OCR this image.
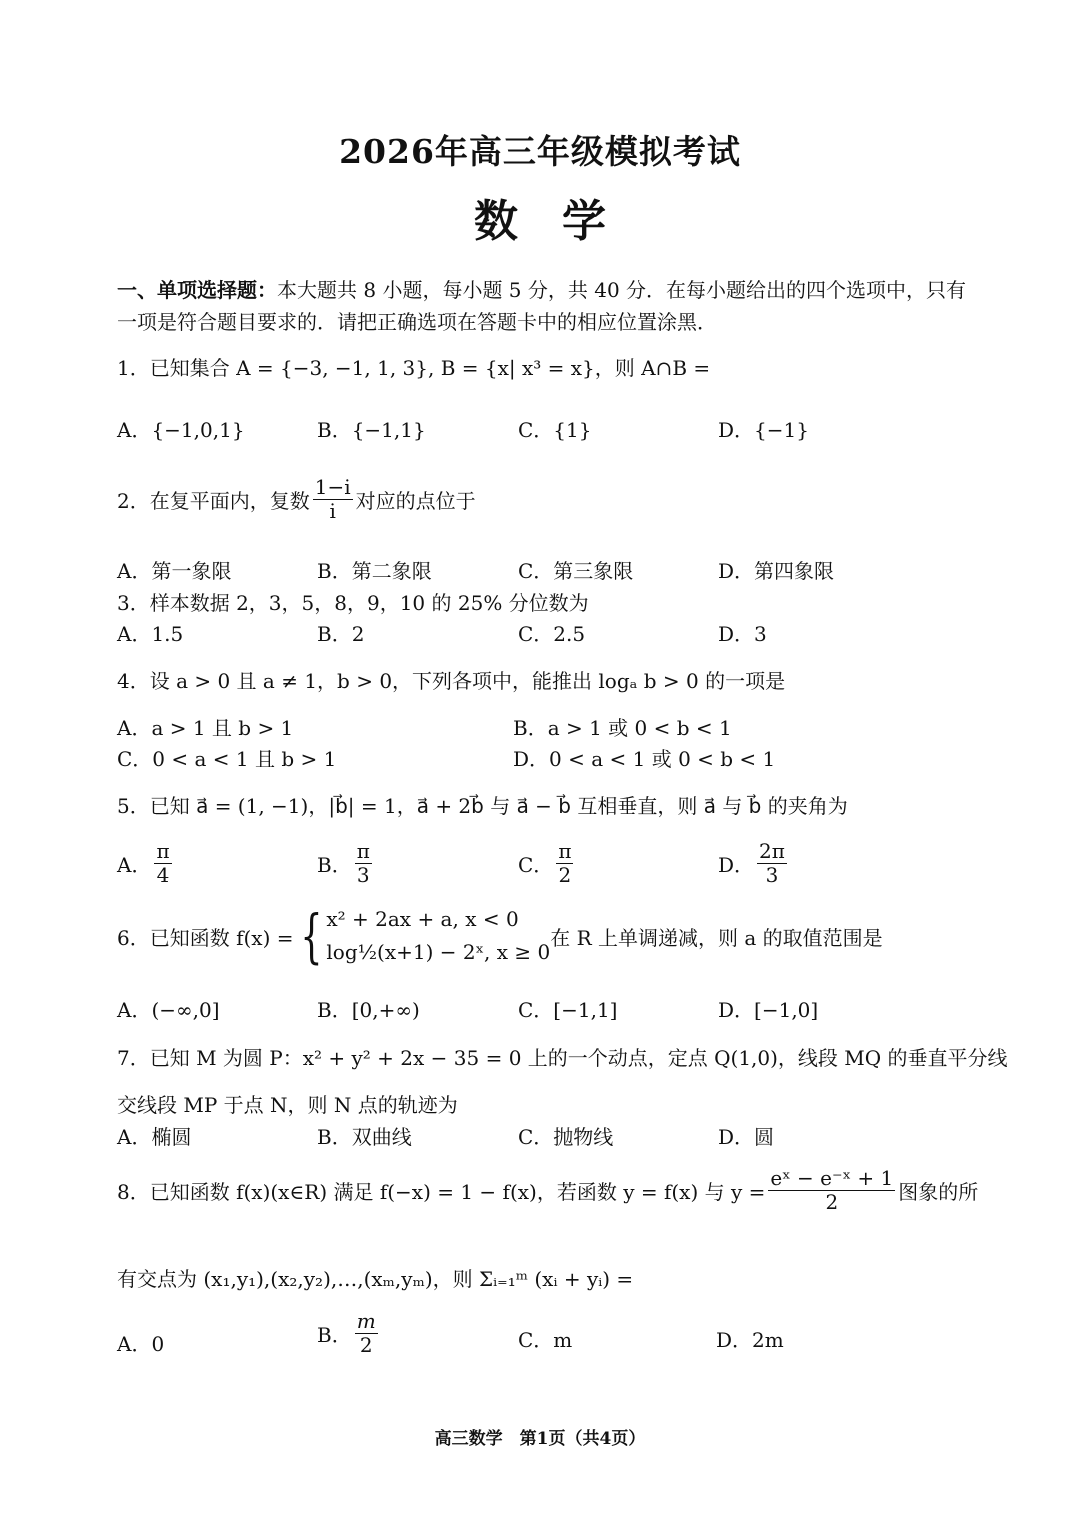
2026年高三年级模拟考试
数学
一、单项选择题：本大题共 8 小题，每小题 5 分，共 40 分．在每小题给出的四个选项中，只有
一项是符合题目要求的．请把正确选项在答题卡中的相应位置涂黑．
1．已知集合 A = {−3, −1, 1, 3}, B = {x| x³ = x}，则 A∩B =
A．{−1,0,1}	B．{−1,1}	C．{1}	D．{−1}
2．在复平面内，复数 $\frac{1-i}{i}$ 对应的点位于
A．第一象限	B．第二象限	C．第三象限	D．第四象限
3．样本数据 2，3，5，8，9，10 的 25% 分位数为
A．1.5	B．2	C．2.5	D．3
4．设 a > 0 且 a ≠ 1，b > 0，下列各项中，能推出 logₐ b > 0 的一项是
A．a > 1 且 b > 1	B．a > 1 或 0 < b < 1
C．0 < a < 1 且 b > 1	D．0 < a < 1 或 0 < b < 1
5．已知 a⃗ = (1, −1)，|b⃗| = 1，a⃗ + 2b⃗ 与 a⃗ − b⃗ 互相垂直，则 a⃗ 与 b⃗ 的夹角为
A． $\frac{\pi}{4}$	B． $\frac{\pi}{3}$	C． $\frac{\pi}{2}$	D． $\frac{2\pi}{3}$
6．已知函数 f(x) = { x² + 2ax + a, x < 0
log½(x+1) − 2ˣ, x ≥ 0
在 R 上单调递减，则 a 的取值范围是
A．(−∞,0]	B．[0,+∞)	C．[−1,1]	D．[−1,0]
7．已知 M 为圆 P：x² + y² + 2x − 35 = 0 上的一个动点，定点 Q(1,0)，线段 MQ 的垂直平分线
交线段 MP 于点 N，则 N 点的轨迹为
A．椭圆	B．双曲线	C．抛物线	D．圆
8．已知函数 f(x)(x∈R) 满足 f(−x) = 1 − f(x)，若函数 y = f(x) 与 $y = \frac{\text{eˣ − e⁻ˣ + 1}}{2}$ 图象的所
有交点为 (x₁,y₁),(x₂,y₂),…,(xₘ,yₘ)，则 Σᵢ₌₁ᵐ (xᵢ + yᵢ) =
A．0	B． $\frac{m}{2}$	C．m	D．2m
高三数学　第1页（共4页）
